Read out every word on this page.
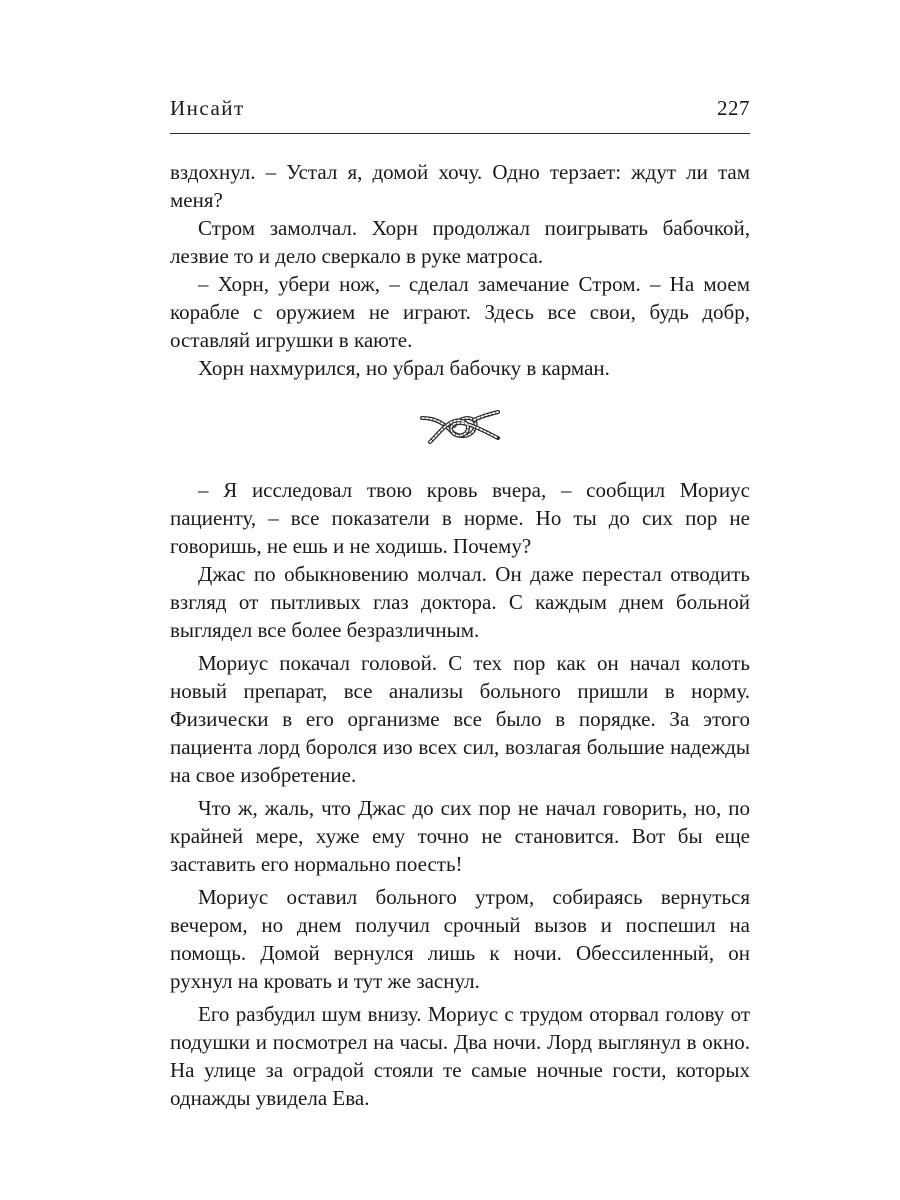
Инсайт	227

вздохнул. – Устал я, домой хочу. Одно терзает: ждут ли там меня?

Стром замолчал. Хорн продолжал поигрывать бабочкой, лезвие то и дело сверкало в руке матроса.

– Хорн, убери нож, – сделал замечание Стром. – На моем корабле с оружием не играют. Здесь все свои, будь добр, оставляй игрушки в каюте.

Хорн нахмурился, но убрал бабочку в карман.

– Я исследовал твою кровь вчера, – сообщил Мориус пациенту, – все показатели в норме. Но ты до сих пор не говоришь, не ешь и не ходишь. Почему?

Джас по обыкновению молчал. Он даже перестал отводить взгляд от пытливых глаз доктора. С каждым днем больной выглядел все более безразличным.

Мориус покачал головой. С тех пор как он начал колоть новый препарат, все анализы больного пришли в норму. Физически в его организме все было в порядке. За этого пациента лорд боролся изо всех сил, возлагая большие надежды на свое изобретение.

Что ж, жаль, что Джас до сих пор не начал говорить, но, по крайней мере, хуже ему точно не становится. Вот бы еще заставить его нормально поесть!

Мориус оставил больного утром, собираясь вернуться вечером, но днем получил срочный вызов и поспешил на помощь. Домой вернулся лишь к ночи. Обессиленный, он рухнул на кровать и тут же заснул.

Его разбудил шум внизу. Мориус с трудом оторвал голову от подушки и посмотрел на часы. Два ночи. Лорд выглянул в окно. На улице за оградой стояли те самые ночные гости, которых однажды увидела Ева.
